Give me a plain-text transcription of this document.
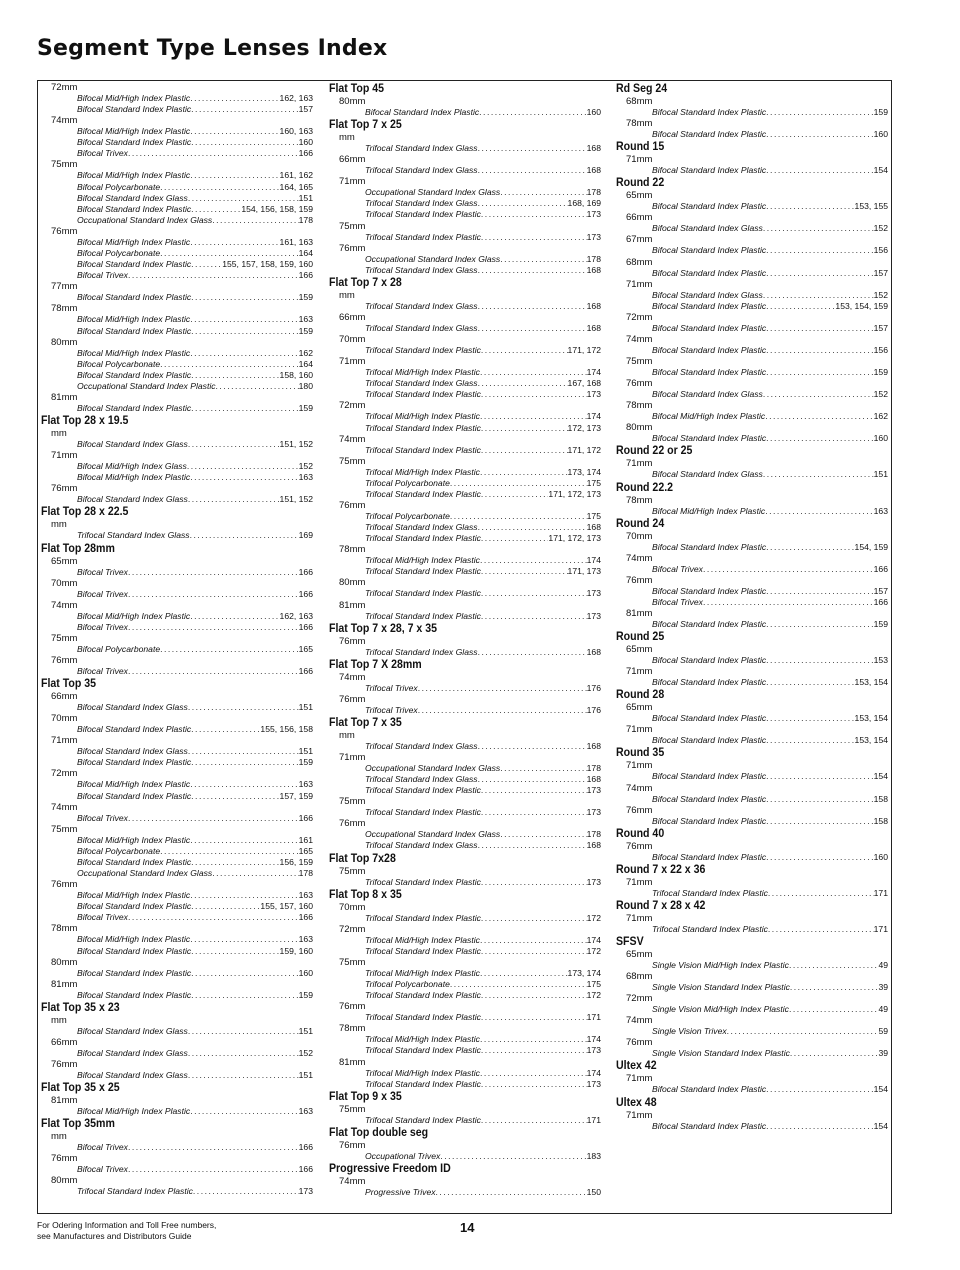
Segment Type Lenses Index
72mm
Bifocal Mid/High Index Plastic .....	162, 163
Bifocal Standard Index Plastic .....	157
74mm
Bifocal Mid/High Index Plastic .....	160, 163
Bifocal Standard Index Plastic .....	160
Bifocal Trivex .....	166
75mm
Bifocal Mid/High Index Plastic .....	161, 162
Bifocal Polycarbonate .....	164, 165
Bifocal Standard Index Glass .....	151
Bifocal Standard Index Plastic .....	154, 156, 158, 159
Occupational Standard Index Glass .....	178
76mm
Bifocal Mid/High Index Plastic .....	161, 163
Bifocal Polycarbonate .....	164
Bifocal Standard Index Plastic .....	155, 157, 158, 159, 160
Bifocal Trivex .....	166
77mm
Bifocal Standard Index Plastic .....	159
78mm
Bifocal Mid/High Index Plastic .....	163
Bifocal Standard Index Plastic .....	159
80mm
Bifocal Mid/High Index Plastic .....	162
Bifocal Polycarbonate .....	164
Bifocal Standard Index Plastic .....	158, 160
Occupational Standard Index Plastic .....	180
81mm
Bifocal Standard Index Plastic .....	159
Flat Top 28 x 19.5
mm
Bifocal Standard Index Glass .....	151, 152
71mm
Bifocal Mid/High Index Glass .....	152
Bifocal Mid/High Index Plastic .....	163
76mm
Bifocal Standard Index Glass .....	151, 152
Flat Top 28 x 22.5
mm
Trifocal Standard Index Glass .....	169
Flat Top 28mm
65mm
Bifocal Trivex .....	166
70mm
Bifocal Trivex .....	166
74mm
Bifocal Mid/High Index Plastic .....	162, 163
Bifocal Trivex .....	166
75mm
Bifocal Polycarbonate .....	165
76mm
Bifocal Trivex .....	166
Flat Top 35
66mm
Bifocal Standard Index Glass .....	151
70mm
Bifocal Standard Index Plastic .....	155, 156, 158
71mm
Bifocal Standard Index Glass .....	151
Bifocal Standard Index Plastic .....	159
72mm
Bifocal Mid/High Index Plastic .....	163
Bifocal Standard Index Plastic .....	157, 159
74mm
Bifocal Trivex .....	166
75mm
Bifocal Mid/High Index Plastic .....	161
Bifocal Polycarbonate .....	165
Bifocal Standard Index Plastic .....	156, 159
Occupational Standard Index Glass .....	178
76mm
Bifocal Mid/High Index Plastic .....	163
Bifocal Standard Index Plastic .....	155, 157, 160
Bifocal Trivex .....	166
78mm
Bifocal Mid/High Index Plastic .....	163
Bifocal Standard Index Plastic .....	159, 160
80mm
Bifocal Standard Index Plastic .....	160
81mm
Bifocal Standard Index Plastic .....	159
Flat Top 35 x 23
mm
Bifocal Standard Index Glass .....	151
66mm
Bifocal Standard Index Glass .....	152
76mm
Bifocal Standard Index Glass .....	151
Flat Top 35 x 25
81mm
Bifocal Mid/High Index Plastic .....	163
Flat Top 35mm
mm
Bifocal Trivex .....	166
76mm
Bifocal Trivex .....	166
80mm
Trifocal Standard Index Plastic .....	173
Flat Top 45
80mm
Bifocal Standard Index Plastic .....	160
Flat Top 7 x 25
mm
Trifocal Standard Index Glass .....	168
66mm
Trifocal Standard Index Glass .....	168
71mm
Occupational Standard Index Glass .....	178
Trifocal Standard Index Glass .....	168, 169
Trifocal Standard Index Plastic .....	173
75mm
Trifocal Standard Index Plastic .....	173
76mm
Occupational Standard Index Glass .....	178
Trifocal Standard Index Glass .....	168
Flat Top 7 x 28
mm
Trifocal Standard Index Glass .....	168
66mm
Trifocal Standard Index Glass .....	168
70mm
Trifocal Standard Index Plastic .....	171, 172
71mm
Trifocal Mid/High Index Plastic .....	174
Trifocal Standard Index Glass .....	167, 168
Trifocal Standard Index Plastic .....	173
72mm
Trifocal Mid/High Index Plastic .....	174
Trifocal Standard Index Plastic .....	172, 173
74mm
Trifocal Standard Index Plastic .....	171, 172
75mm
Trifocal Mid/High Index Plastic .....	173, 174
Trifocal Polycarbonate .....	175
Trifocal Standard Index Plastic .....	171, 172, 173
76mm
Trifocal Polycarbonate .....	175
Trifocal Standard Index Glass .....	168
Trifocal Standard Index Plastic .....	171, 172, 173
78mm
Trifocal Mid/High Index Plastic .....	174
Trifocal Standard Index Plastic .....	171, 173
80mm
Trifocal Standard Index Plastic .....	173
81mm
Trifocal Standard Index Plastic .....	173
Flat Top 7 x 28, 7 x 35
76mm
Trifocal Standard Index Glass .....	168
Flat Top 7 X 28mm
74mm
Trifocal Trivex .....	176
76mm
Trifocal Trivex .....	176
Flat Top 7 x 35
mm
Trifocal Standard Index Glass .....	168
71mm
Occupational Standard Index Glass .....	178
Trifocal Standard Index Glass .....	168
Trifocal Standard Index Plastic .....	173
75mm
Trifocal Standard Index Plastic .....	173
76mm
Occupational Standard Index Glass .....	178
Trifocal Standard Index Glass .....	168
Flat Top 7x28
75mm
Trifocal Standard Index Plastic .....	173
Flat Top 8 x 35
70mm
Trifocal Standard Index Plastic .....	172
72mm
Trifocal Mid/High Index Plastic .....	174
Trifocal Standard Index Plastic .....	172
75mm
Trifocal Mid/High Index Plastic .....	173, 174
Trifocal Polycarbonate .....	175
Trifocal Standard Index Plastic .....	172
76mm
Trifocal Standard Index Plastic .....	171
78mm
Trifocal Mid/High Index Plastic .....	174
Trifocal Standard Index Plastic .....	173
81mm
Trifocal Mid/High Index Plastic .....	174
Trifocal Standard Index Plastic .....	173
Flat Top 9 x 35
75mm
Trifocal Standard Index Plastic .....	171
Flat Top double seg
76mm
Occupational Trivex .....	183
Progressive Freedom ID
74mm
Progressive Trivex .....	150
Rd Seg 24
68mm
Bifocal Standard Index Plastic .....	159
78mm
Bifocal Standard Index Plastic .....	160
Round 15
71mm
Bifocal Standard Index Plastic .....	154
Round 22
65mm
Bifocal Standard Index Plastic .....	153, 155
66mm
Bifocal Standard Index Glass .....	152
67mm
Bifocal Standard Index Plastic .....	156
68mm
Bifocal Standard Index Plastic .....	157
71mm
Bifocal Standard Index Glass .....	152
Bifocal Standard Index Plastic .....	153, 154, 159
72mm
Bifocal Standard Index Plastic .....	157
74mm
Bifocal Standard Index Plastic .....	156
75mm
Bifocal Standard Index Plastic .....	159
76mm
Bifocal Standard Index Glass .....	152
78mm
Bifocal Mid/High Index Plastic .....	162
80mm
Bifocal Standard Index Plastic .....	160
Round 22 or 25
71mm
Bifocal Standard Index Glass .....	151
Round 22.2
78mm
Bifocal Mid/High Index Plastic .....	163
Round 24
70mm
Bifocal Standard Index Plastic .....	154, 159
74mm
Bifocal Trivex .....	166
76mm
Bifocal Standard Index Plastic .....	157
Bifocal Trivex .....	166
81mm
Bifocal Standard Index Plastic .....	159
Round 25
65mm
Bifocal Standard Index Plastic .....	153
71mm
Bifocal Standard Index Plastic .....	153, 154
Round 28
65mm
Bifocal Standard Index Plastic .....	153, 154
71mm
Bifocal Standard Index Plastic .....	153, 154
Round 35
71mm
Bifocal Standard Index Plastic .....	154
74mm
Bifocal Standard Index Plastic .....	158
76mm
Bifocal Standard Index Plastic .....	158
Round 40
76mm
Bifocal Standard Index Plastic .....	160
Round 7 x 22 x 36
71mm
Trifocal Standard Index Plastic .....	171
Round 7 x 28 x 42
71mm
Trifocal Standard Index Plastic .....	171
SFSV
65mm
Single Vision Mid/High Index Plastic .....	49
68mm
Single Vision Standard Index Plastic .....	39
72mm
Single Vision Mid/High Index Plastic .....	49
74mm
Single Vision Trivex .....	59
76mm
Single Vision Standard Index Plastic .....	39
Ultex 42
71mm
Bifocal Standard Index Plastic .....	154
Ultex 48
71mm
Bifocal Standard Index Plastic .....	154
14
For Odering Information and Toll Free numbers,
see Manufactures and Distributors Guide
